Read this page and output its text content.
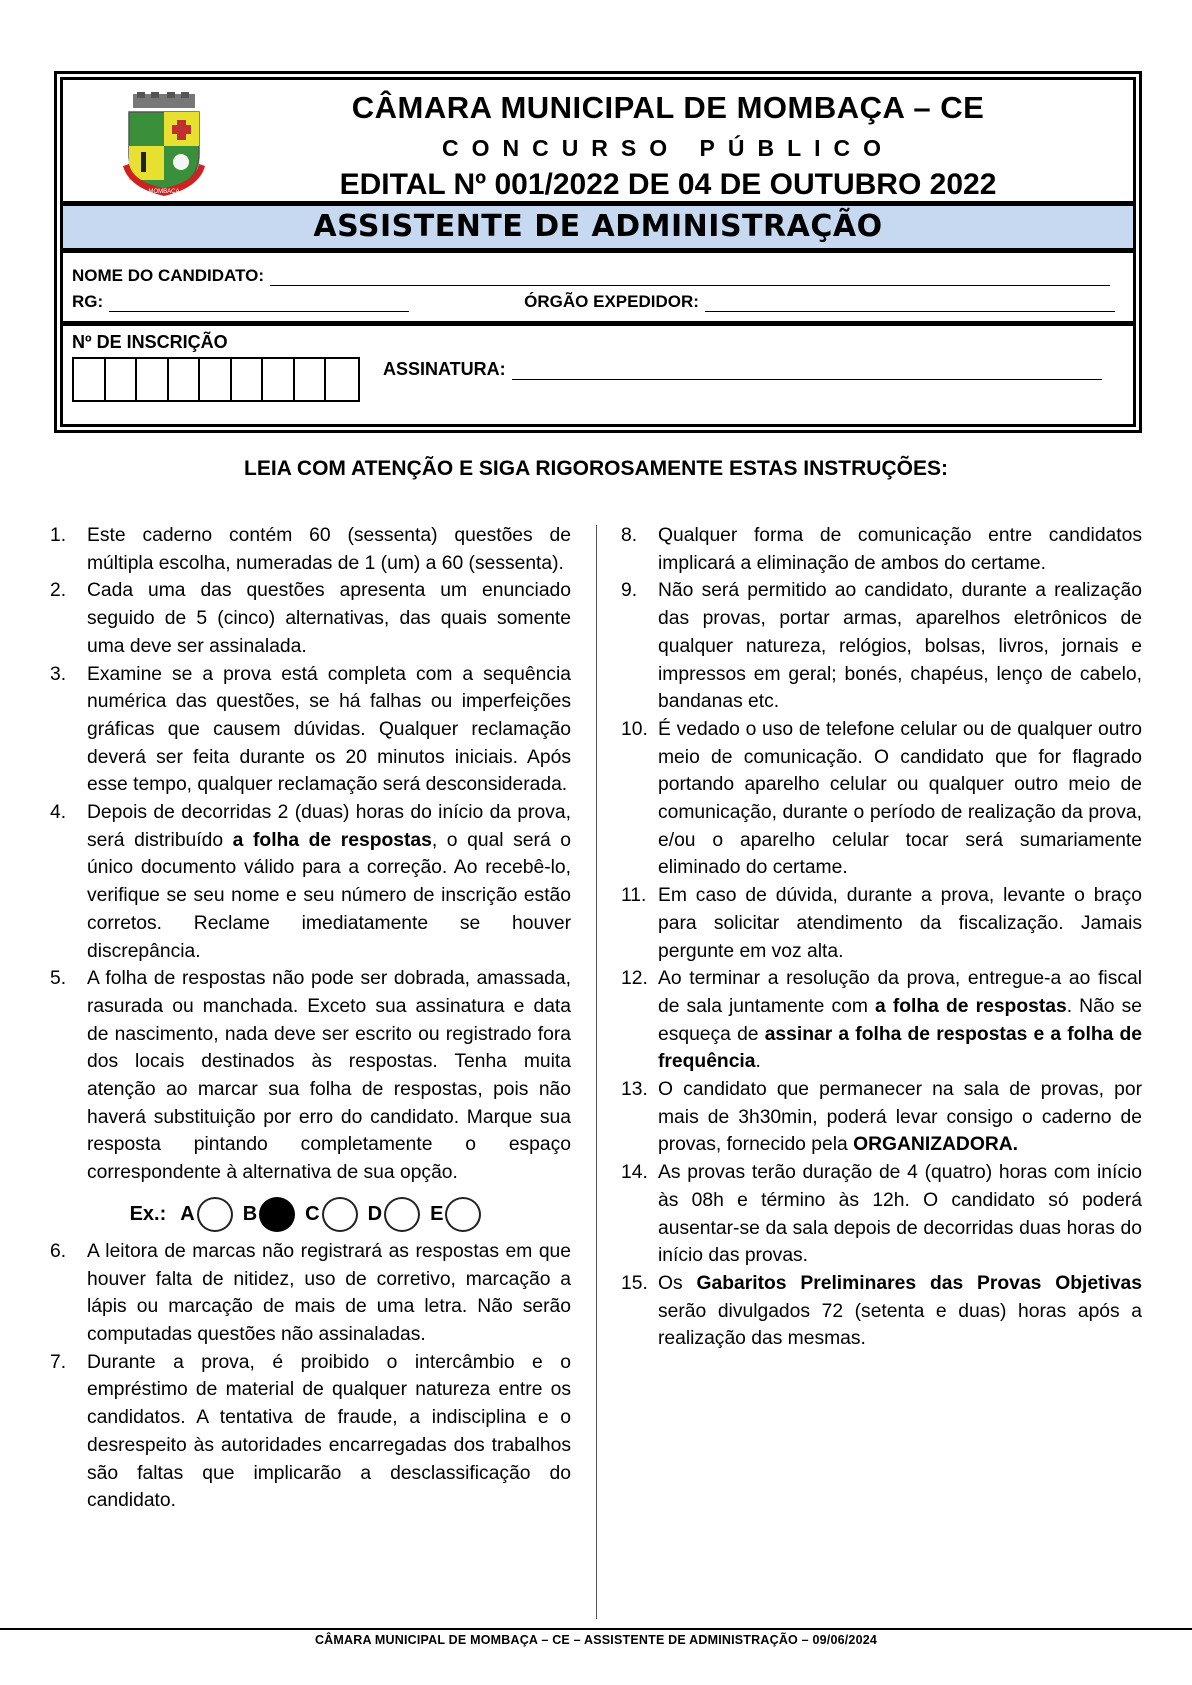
MOMBAÇA
CÂMARA MUNICIPAL DE MOMBAÇA – CE
CONCURSO PÚBLICO
EDITAL Nº 001/2022 DE 04 DE OUTUBRO 2022
ASSISTENTE DE ADMINISTRAÇÃO
NOME DO CANDIDATO:
RG:	ÓRGÃO EXPEDIDOR:
Nº DE INSCRIÇÃO
ASSINATURA:
LEIA COM ATENÇÃO E SIGA RIGOROSAMENTE ESTAS INSTRUÇÕES:
1.	Este caderno contém 60 (sessenta) questões de múltipla escolha, numeradas de 1 (um) a 60 (sessenta).
2.	Cada uma das questões apresenta um enunciado seguido de 5 (cinco) alternativas, das quais somente uma deve ser assinalada.
3.	Examine se a prova está completa com a sequência numérica das questões, se há falhas ou imperfeições gráficas que causem dúvidas. Qualquer reclamação deverá ser feita durante os 20 minutos iniciais. Após esse tempo, qualquer reclamação será desconsiderada.
4.	Depois de decorridas 2 (duas) horas do início da prova, será distribuído a folha de respostas, o qual será o único documento válido para a correção. Ao recebê-lo, verifique se seu nome e seu número de inscrição estão corretos. Reclame imediatamente se houver discrepância.
5.	A folha de respostas não pode ser dobrada, amassada, rasurada ou manchada. Exceto sua assinatura e data de nascimento, nada deve ser escrito ou registrado fora dos locais destinados às respostas. Tenha muita atenção ao marcar sua folha de respostas, pois não haverá substituição por erro do candidato. Marque sua resposta pintando completamente o espaço correspondente à alternativa de sua opção.
Ex.: A B C D E
6.	A leitora de marcas não registrará as respostas em que houver falta de nitidez, uso de corretivo, marcação a lápis ou marcação de mais de uma letra. Não serão computadas questões não assinaladas.
7.	Durante a prova, é proibido o intercâmbio e o empréstimo de material de qualquer natureza entre os candidatos. A tentativa de fraude, a indisciplina e o desrespeito às autoridades encarregadas dos trabalhos são faltas que implicarão a desclassificação do candidato.
8.	Qualquer forma de comunicação entre candidatos implicará a eliminação de ambos do certame.
9.	Não será permitido ao candidato, durante a realização das provas, portar armas, aparelhos eletrônicos de qualquer natureza, relógios, bolsas, livros, jornais e impressos em geral; bonés, chapéus, lenço de cabelo, bandanas etc.
10. É vedado o uso de telefone celular ou de qualquer outro meio de comunicação. O candidato que for flagrado portando aparelho celular ou qualquer outro meio de comunicação, durante o período de realização da prova, e/ou o aparelho celular tocar será sumariamente eliminado do certame.
11. Em caso de dúvida, durante a prova, levante o braço para solicitar atendimento da fiscalização. Jamais pergunte em voz alta.
12. Ao terminar a resolução da prova, entregue-a ao fiscal de sala juntamente com a folha de respostas. Não se esqueça de assinar a folha de respostas e a folha de frequência.
13. O candidato que permanecer na sala de provas, por mais de 3h30min, poderá levar consigo o caderno de provas, fornecido pela ORGANIZADORA.
14. As provas terão duração de 4 (quatro) horas com início às 08h e término às 12h. O candidato só poderá ausentar-se da sala depois de decorridas duas horas do início das provas.
15. Os Gabaritos Preliminares das Provas Objetivas serão divulgados 72 (setenta e duas) horas após a realização das mesmas.
CÂMARA MUNICIPAL DE MOMBAÇA – CE – ASSISTENTE DE ADMINISTRAÇÃO – 09/06/2024
